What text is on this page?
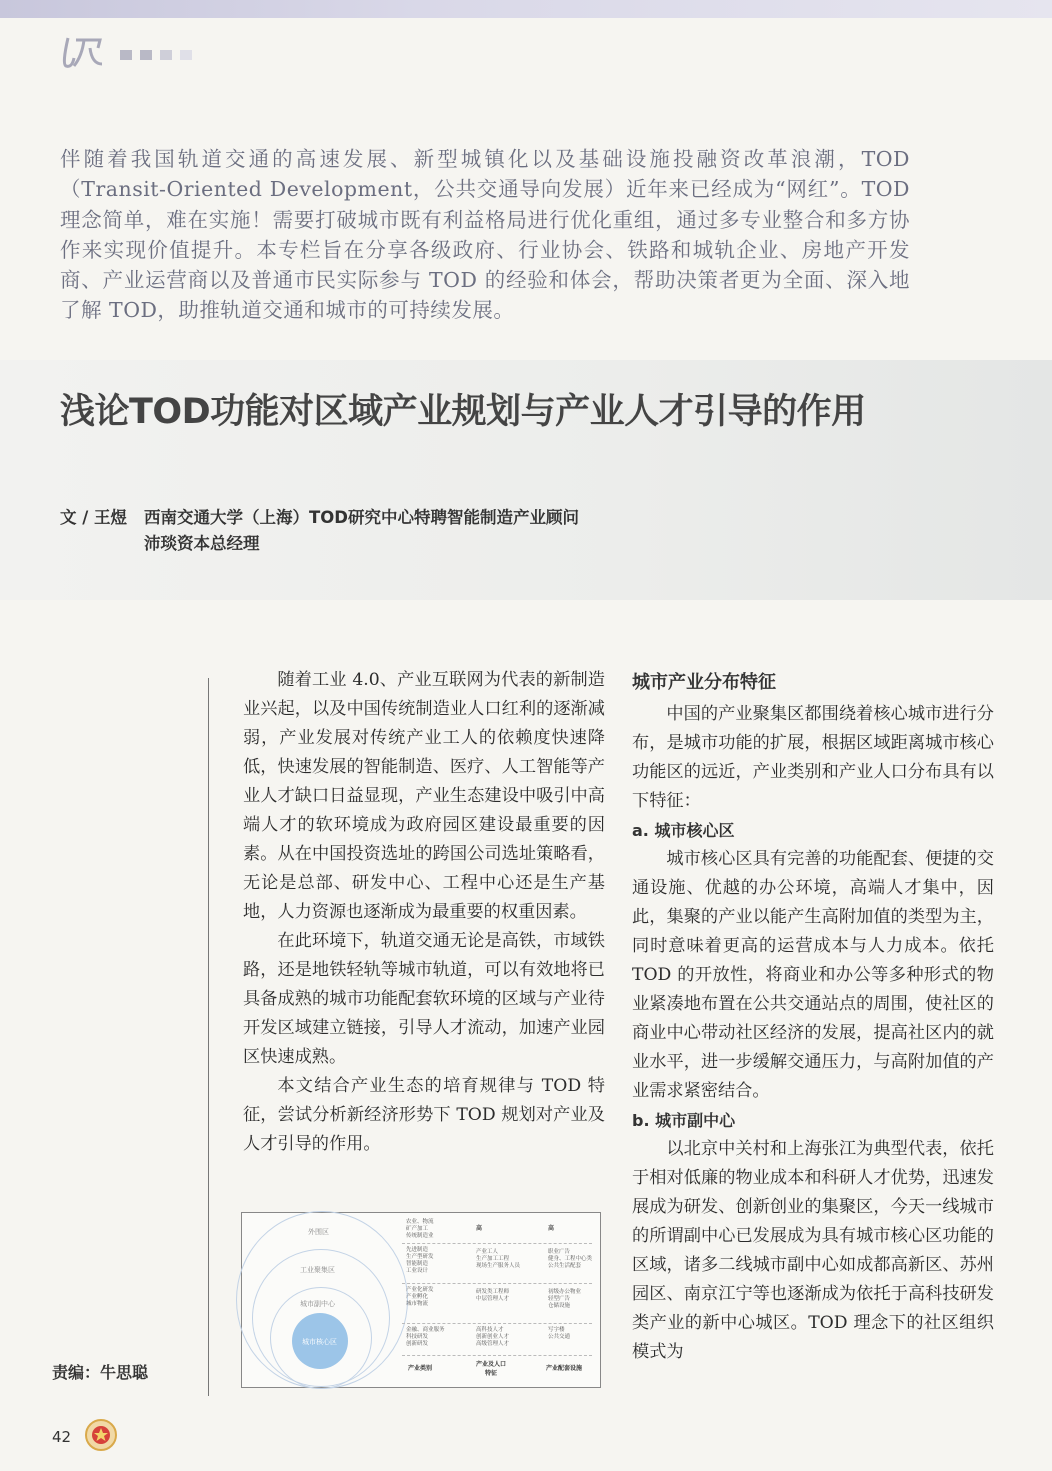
伴随着我国轨道交通的高速发展、新型城镇化以及基础设施投融资改革浪潮，TOD（Transit-Oriented Development，公共交通导向发展）近年来已经成为“网红”。TOD 理念简单，难在实施！需要打破城市既有利益格局进行优化重组，通过多专业整合和多方协作来实现价值提升。本专栏旨在分享各级政府、行业协会、铁路和城轨企业、房地产开发商、产业运营商以及普通市民实际参与 TOD 的经验和体会，帮助决策者更为全面、深入地了解 TOD，助推轨道交通和城市的可持续发展。
浅论TOD功能对区域产业规划与产业人才引导的作用
文 / 王煜	西南交通大学（上海）TOD研究中心特聘智能制造产业顾问
沛琰资本总经理

随着工业 4.0、产业互联网为代表的新制造业兴起，以及中国传统制造业人口红利的逐渐减弱，产业发展对传统产业工人的依赖度快速降低，快速发展的智能制造、医疗、人工智能等产业人才缺口日益显现，产业生态建设中吸引中高端人才的软环境成为政府园区建设最重要的因素。从在中国投资选址的跨国公司选址策略看，无论是总部、研发中心、工程中心还是生产基地，人力资源也逐渐成为最重要的权重因素。

在此环境下，轨道交通无论是高铁，市域铁路，还是地铁轻轨等城市轨道，可以有效地将已具备成熟的城市功能配套软环境的区域与产业待开发区域建立链接，引导人才流动，加速产业园区快速成熟。

本文结合产业生态的培育规律与 TOD 特征，尝试分析新经济形势下 TOD 规划对产业及人才引导的作用。

城市产业分布特征

中国的产业聚集区都围绕着核心城市进行分布，是城市功能的扩展，根据区域距离城市核心功能区的远近，产业类别和产业人口分布具有以下特征：

a. 城市核心区

城市核心区具有完善的功能配套、便捷的交通设施、优越的办公环境，高端人才集中，因此，集聚的产业以能产生高附加值的类型为主，同时意味着更高的运营成本与人力成本。依托 TOD 的开放性，将商业和办公等多种形式的物业紧凑地布置在公共交通站点的周围，使社区的商业中心带动社区经济的发展，提高社区内的就业水平，进一步缓解交通压力，与高附加值的产业需求紧密结合。

b. 城市副中心

以北京中关村和上海张江为典型代表，依托于相对低廉的物业成本和科研人才优势，迅速发展成为研发、创新创业的集聚区，今天一线城市的所谓副中心已发展成为具有城市核心区功能的区域，诸多二线城市副中心如成都高新区、苏州园区、南京江宁等也逐渐成为依托于高科技研发类产业的新中心城区。TOD 理念下的社区组织模式为

外围区
工业聚集区
城市副中心
城市核心区
高	高
农业、物流
矿产加工
传统制造业
先进制造
生产型研发
智能制造
工业设计
产业化研发
产业孵化
城市物流
金融、商业服务
科技研发
创新研发
产业工人
生产加工工程
现场生产服务人员
研发类工程师
中层管理人才
高科技人才
创新创业人才
高级管理人才
职业广告
健身、工程中心类
公共生活配套
初级办公物业
轻型广告
仓储设施
写字楼
公共交通
产业类别
产业及人口
特征
产业配套设施
责编：牛思聪
42
